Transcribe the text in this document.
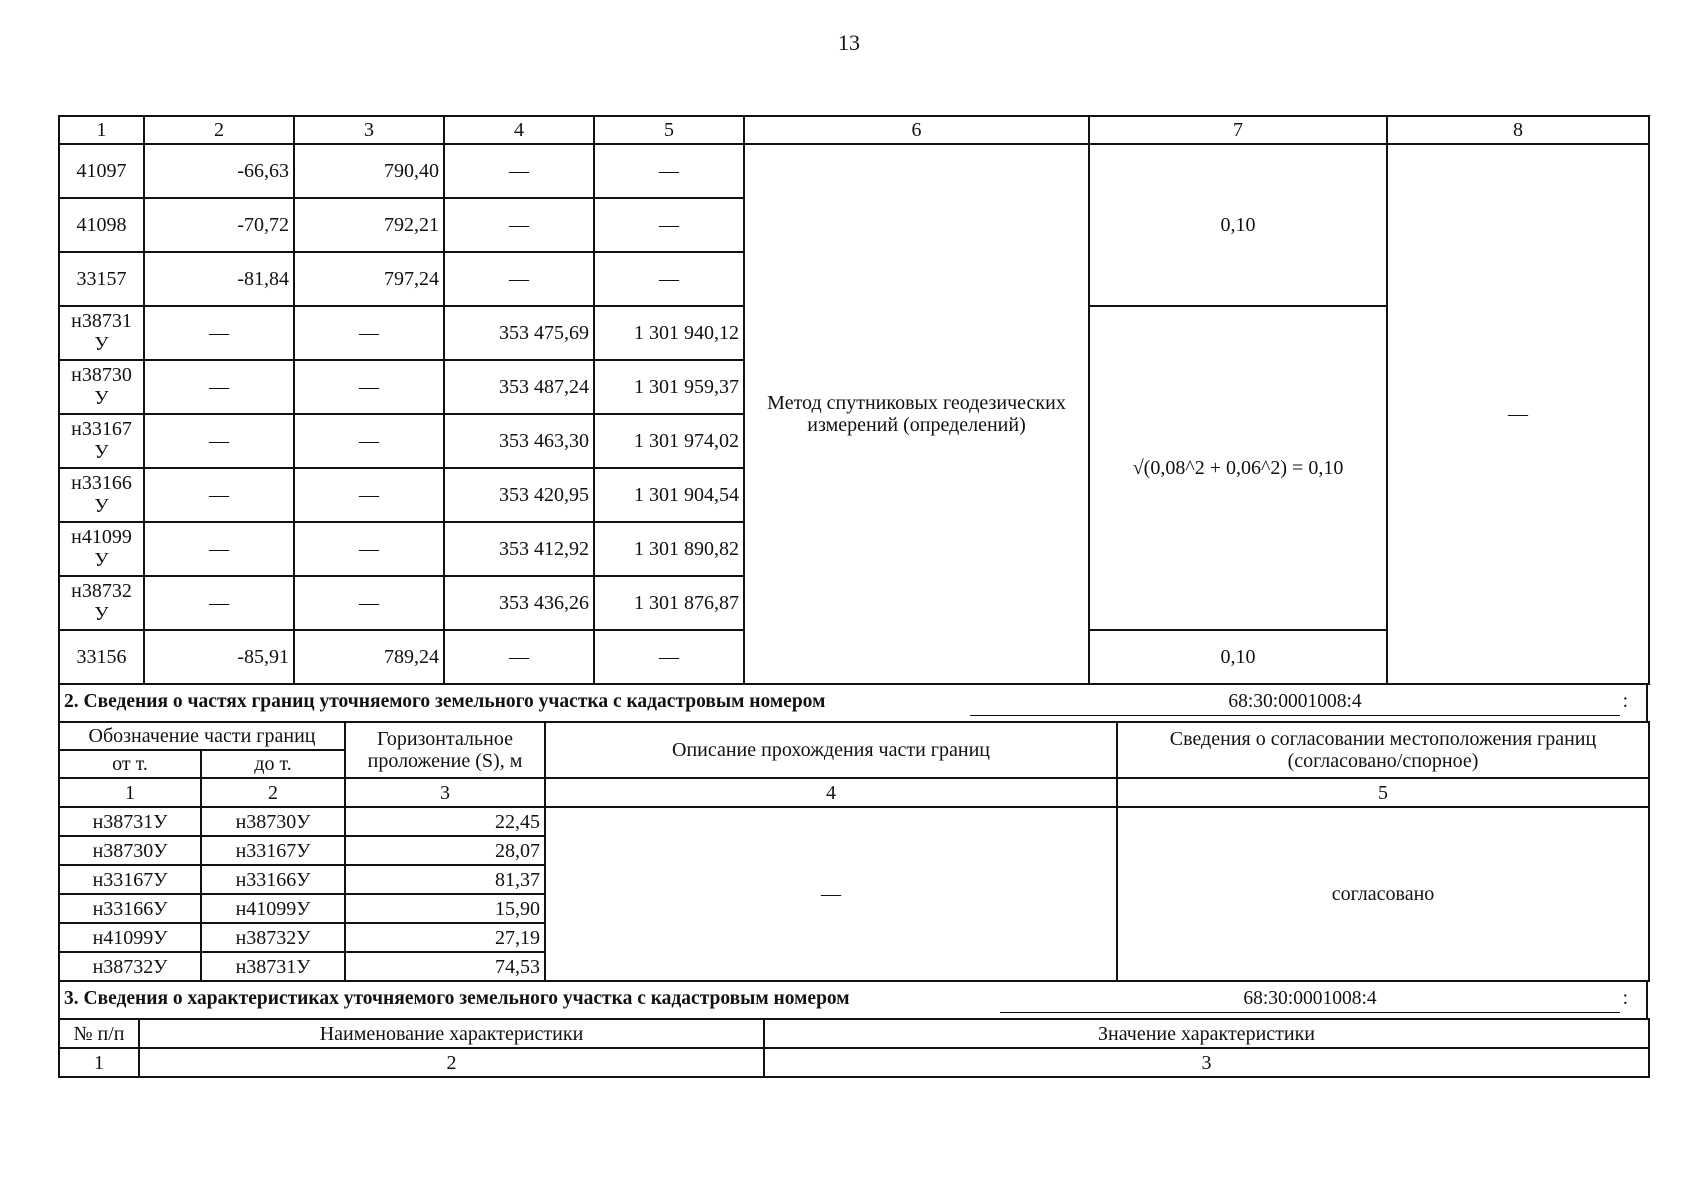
13
1	2	3	4	5	6	7	8
41097	-66,63	790,40	—	—	Метод спутниковых геодезических измерений (определений)	0,10	—
41098	-70,72	792,21	—	—			
33157	-81,84	797,24	—	—			
н38731 У	—	—	353 475,69	1 301 940,12		√(0,08^2 + 0,06^2) = 0,10	
н38730 У	—	—	353 487,24	1 301 959,37			
н33167 У	—	—	353 463,30	1 301 974,02			
н33166 У	—	—	353 420,95	1 301 904,54			
н41099 У	—	—	353 412,92	1 301 890,82			
н38732 У	—	—	353 436,26	1 301 876,87			
33156	-85,91	789,24	—	—		0,10	
2. Сведения о частях границ уточняемого земельного участка с кадастровым номером	68:30:0001008:4	:
Обозначение части границ		Горизонтальное проложение (S), м	Описание прохождения части границ	Сведения о согласовании местоположения границ (согласовано/спорное)
от т.	до т.			
1	2	3	4	5
н38731У	н38730У	22,45	—	согласовано
н38730У	н33167У	28,07		
н33167У	н33166У	81,37		
н33166У	н41099У	15,90		
н41099У	н38732У	27,19		
н38732У	н38731У	74,53		
3. Сведения о характеристиках уточняемого земельного участка с кадастровым номером	68:30:0001008:4	:
№ п/п	Наименование характеристики	Значение характеристики
1	2	3
